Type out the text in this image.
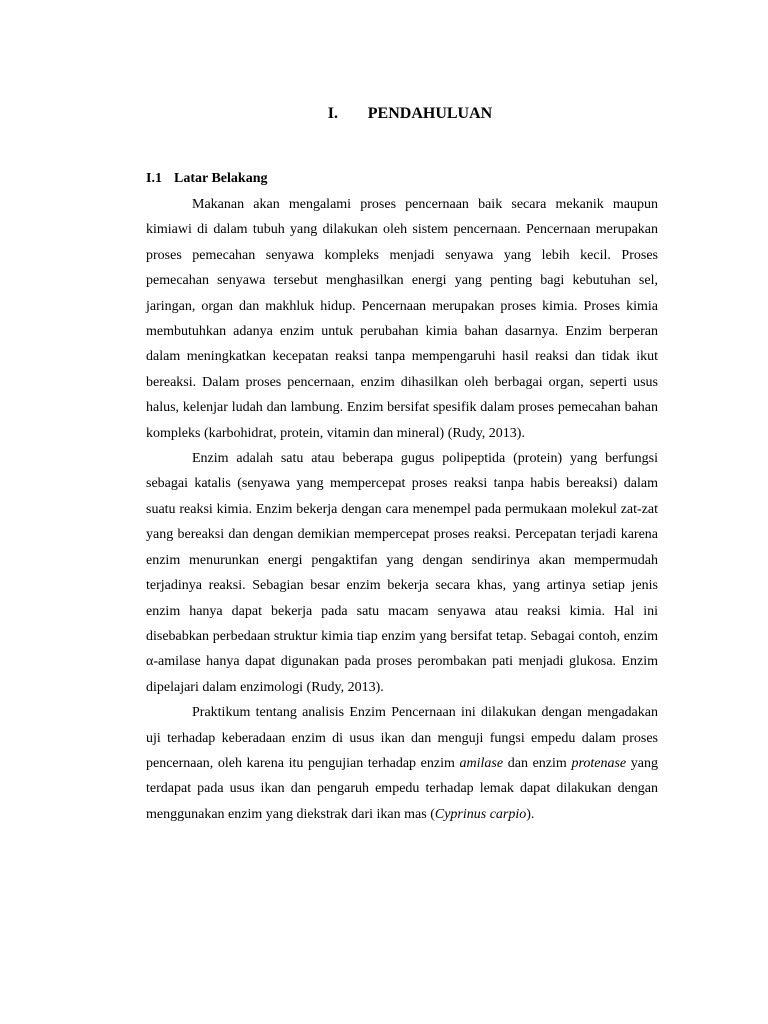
I. PENDAHULUAN
I.1 Latar Belakang

Makanan akan mengalami proses pencernaan baik secara mekanik maupun kimiawi di dalam tubuh yang dilakukan oleh sistem pencernaan. Pencernaan merupakan proses pemecahan senyawa kompleks menjadi senyawa yang lebih kecil. Proses pemecahan senyawa tersebut menghasilkan energi yang penting bagi kebutuhan sel, jaringan, organ dan makhluk hidup. Pencernaan merupakan proses kimia. Proses kimia membutuhkan adanya enzim untuk perubahan kimia bahan dasarnya. Enzim berperan dalam meningkatkan kecepatan reaksi tanpa mempengaruhi hasil reaksi dan tidak ikut bereaksi. Dalam proses pencernaan, enzim dihasilkan oleh berbagai organ, seperti usus halus, kelenjar ludah dan lambung. Enzim bersifat spesifik dalam proses pemecahan bahan kompleks (karbohidrat, protein, vitamin dan mineral) (Rudy, 2013).

Enzim adalah satu atau beberapa gugus polipeptida (protein) yang berfungsi sebagai katalis (senyawa yang mempercepat proses reaksi tanpa habis bereaksi) dalam suatu reaksi kimia. Enzim bekerja dengan cara menempel pada permukaan molekul zat-zat yang bereaksi dan dengan demikian mempercepat proses reaksi. Percepatan terjadi karena enzim menurunkan energi pengaktifan yang dengan sendirinya akan mempermudah terjadinya reaksi. Sebagian besar enzim bekerja secara khas, yang artinya setiap jenis enzim hanya dapat bekerja pada satu macam senyawa atau reaksi kimia. Hal ini disebabkan perbedaan struktur kimia tiap enzim yang bersifat tetap. Sebagai contoh, enzim α-amilase hanya dapat digunakan pada proses perombakan pati menjadi glukosa. Enzim dipelajari dalam enzimologi (Rudy, 2013).

Praktikum tentang analisis Enzim Pencernaan ini dilakukan dengan mengadakan uji terhadap keberadaan enzim di usus ikan dan menguji fungsi empedu dalam proses pencernaan, oleh karena itu pengujian terhadap enzim amilase dan enzim protenase yang terdapat pada usus ikan dan pengaruh empedu terhadap lemak dapat dilakukan dengan menggunakan enzim yang diekstrak dari ikan mas (Cyprinus carpio).
